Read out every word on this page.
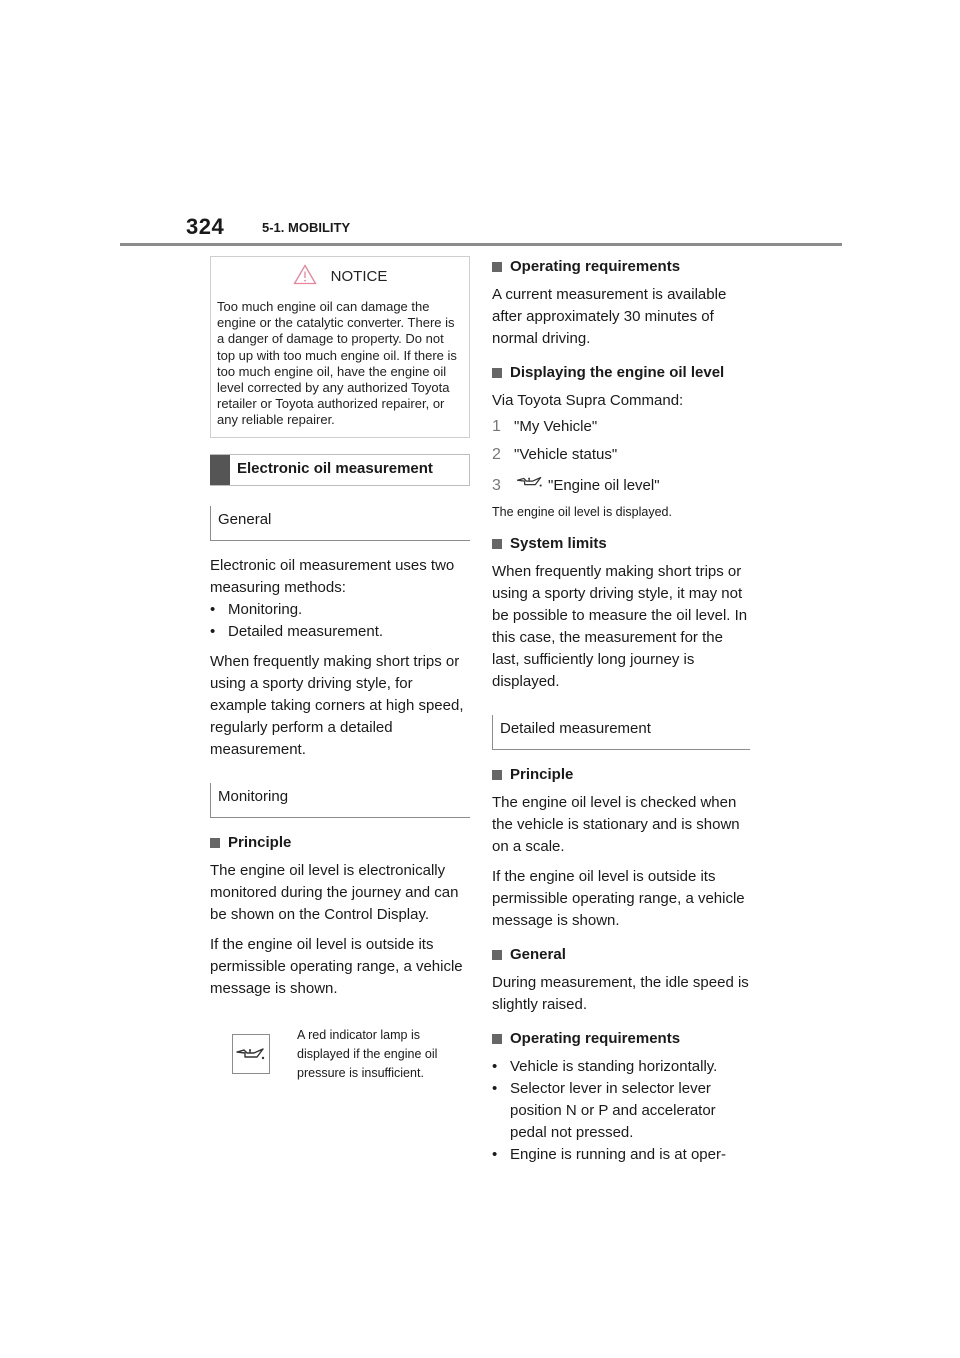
324	5-1. MOBILITY
NOTICE
Too much engine oil can damage the engine or the catalytic converter. There is a danger of damage to property. Do not top up with too much engine oil. If there is too much engine oil, have the engine oil level corrected by any authorized Toyota retailer or Toyota authorized repairer, or any reliable repairer.
Electronic oil measurement
General

Electronic oil measurement uses two measuring methods:

• Monitoring.

• Detailed measurement.

When frequently making short trips or using a sporty driving style, for example taking corners at high speed, regularly perform a detailed measurement.

Monitoring
Principle

The engine oil level is electronically monitored during the journey and can be shown on the Control Display.

If the engine oil level is outside its permissible operating range, a vehicle message is shown.

A red indicator lamp is displayed if the engine oil pressure is insufficient.
Operating requirements

A current measurement is available after approximately 30 minutes of normal driving.

Displaying the engine oil level

Via Toyota Supra Command:

1 "My Vehicle"
2 "Vehicle status"
3	"Engine oil level"

The engine oil level is displayed.

System limits

When frequently making short trips or using a sporty driving style, it may not be possible to measure the oil level. In this case, the measurement for the last, sufficiently long journey is displayed.

Detailed measurement
Principle

The engine oil level is checked when the vehicle is stationary and is shown on a scale.

If the engine oil level is outside its permissible operating range, a vehicle message is shown.

General

During measurement, the idle speed is slightly raised.

Operating requirements

• Vehicle is standing horizontally.

• Selector lever in selector lever position N or P and accelerator pedal not pressed.

• Engine is running and is at oper-
